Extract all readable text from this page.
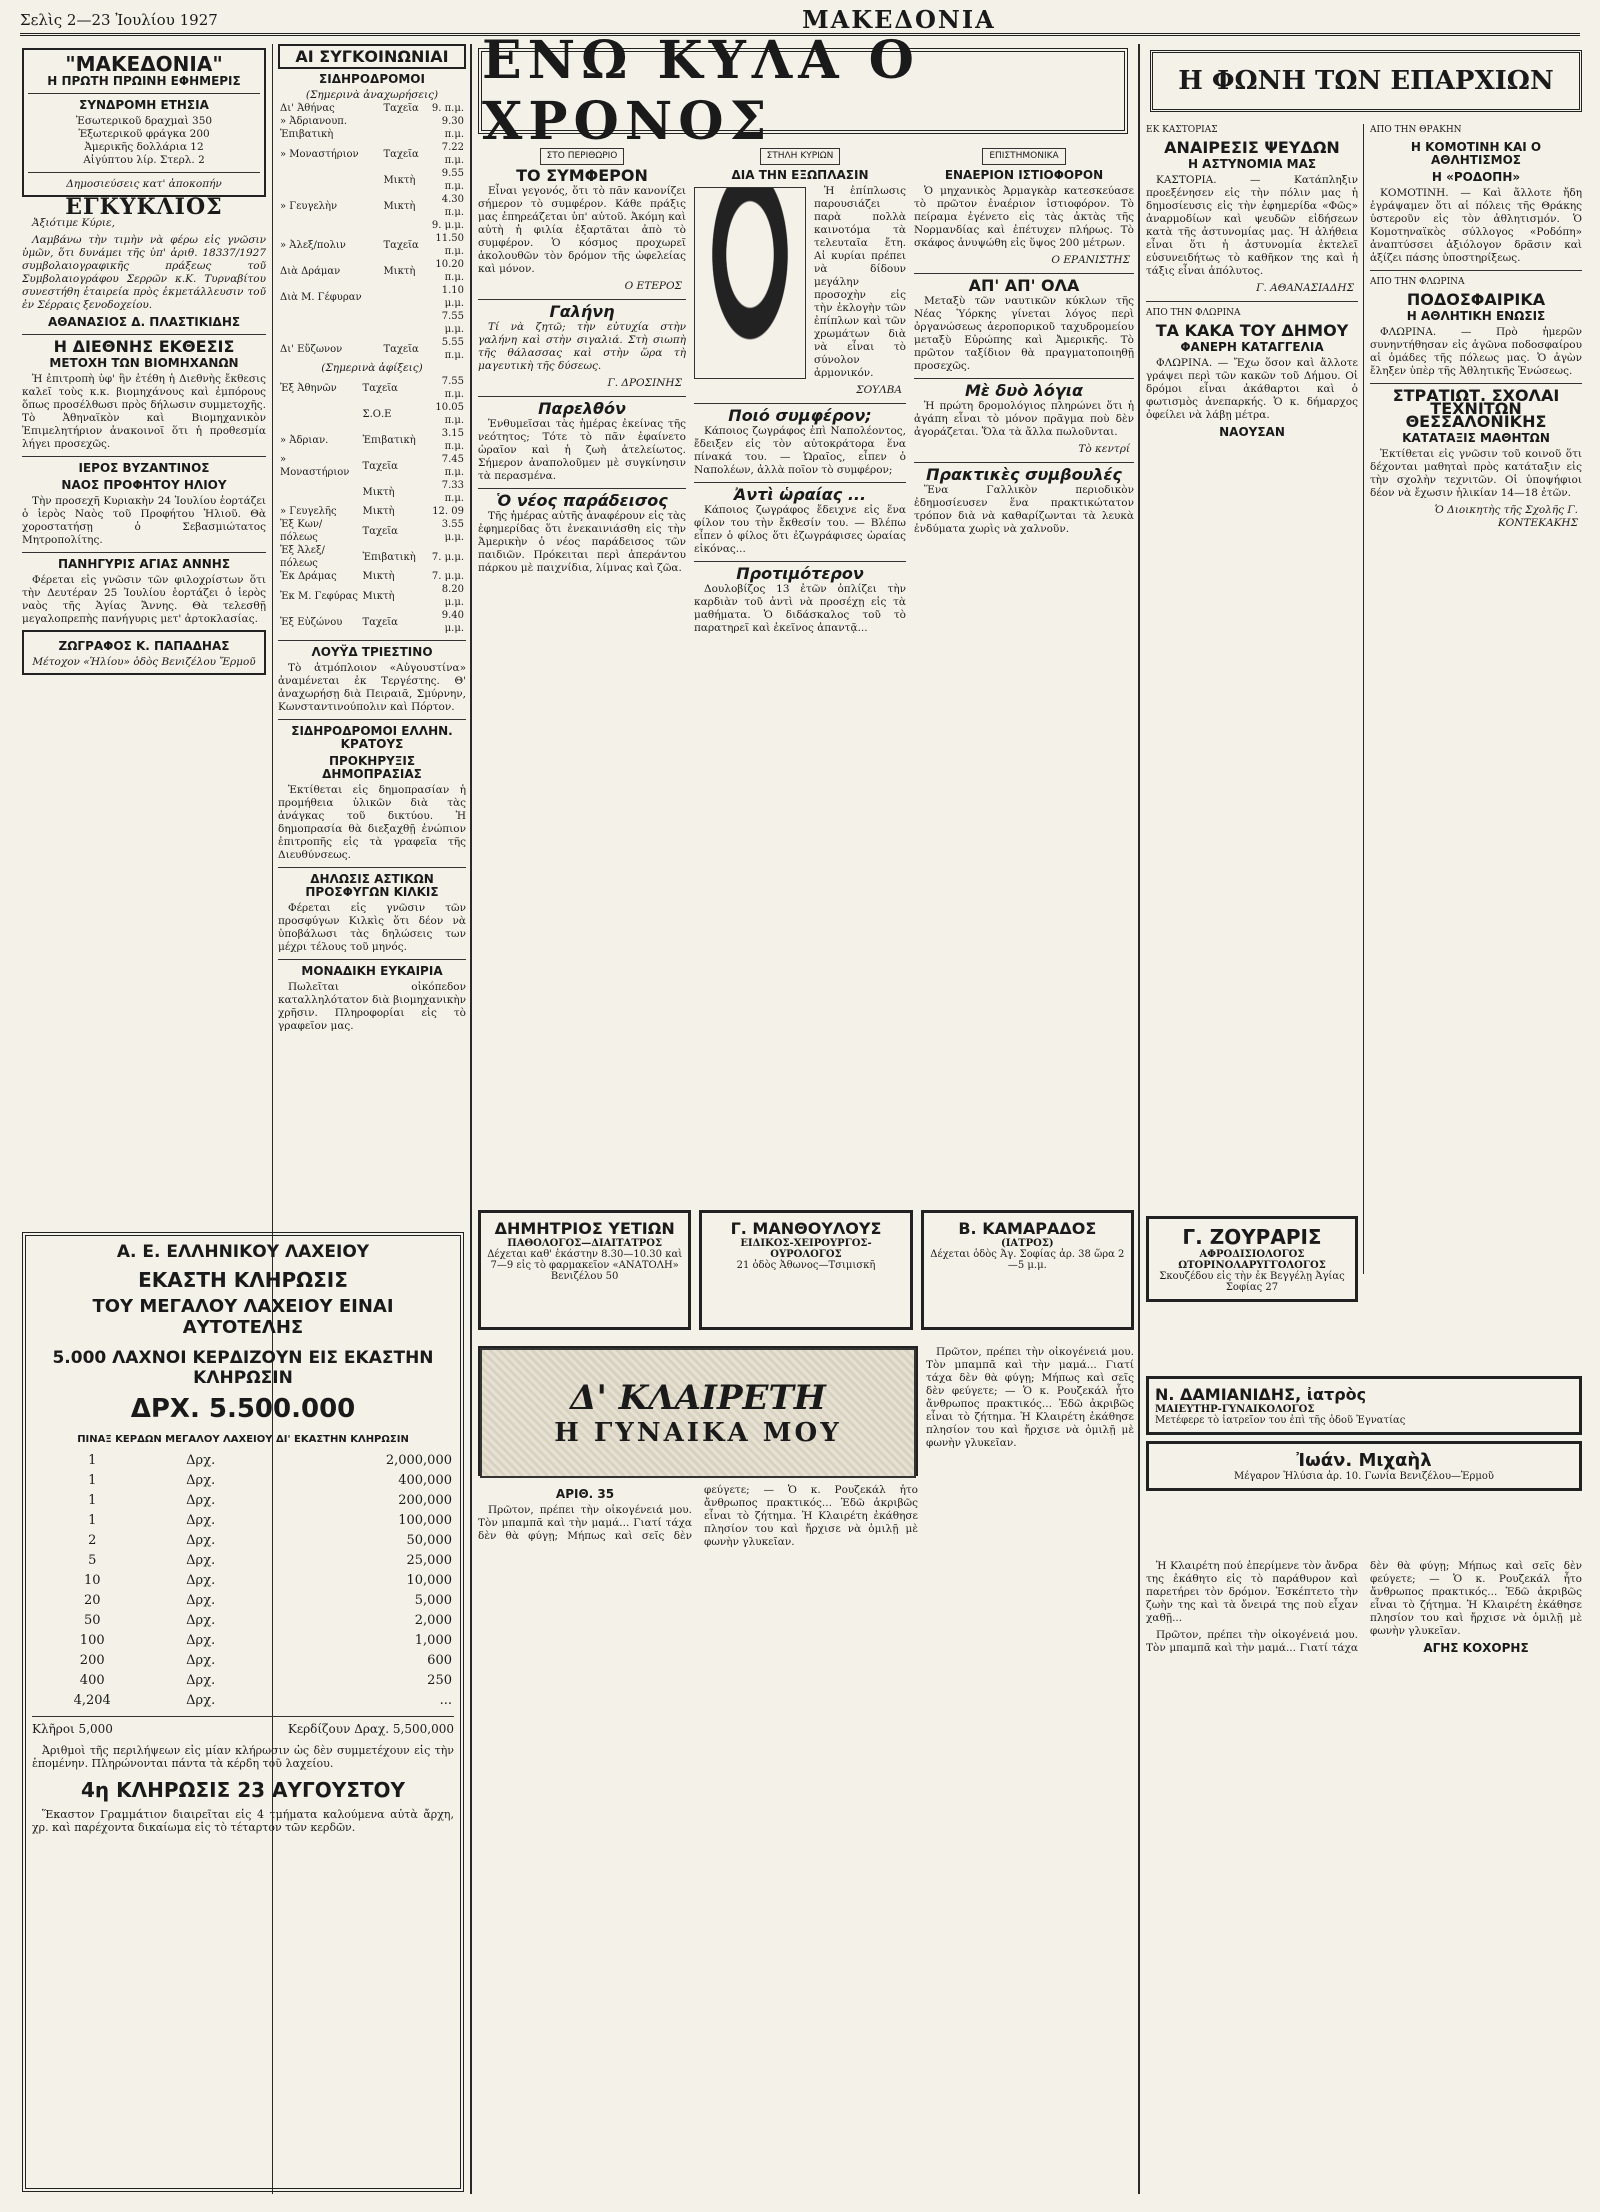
Σελὶς 2—23 Ἰουλίου 1927	ΜΑΚΕΔΟΝΙΑ
"ΜΑΚΕΔΟΝΙΑ"
Η ΠΡΩΤΗ ΠΡΩΙΝΗ ΕΦΗΜΕΡΙΣ
ΣΥΝΔΡΟΜΗ ΕΤΗΣΙΑ
Ἐσωτερικοῦ δραχμαὶ 350
Ἐξωτερικοῦ φράγκα 200
Ἀμερικῆς δολλάρια 12
Αἰγύπτου λίρ. Στερλ. 2
Δημοσιεύσεις κατ' ἀποκοπήν
ΕΓΚΥΚΛΙΟΣ

Ἀξιότιμε Κύριε,

Λαμβάνω τὴν τιμὴν νὰ φέρω εἰς γνῶσιν ὑμῶν, ὅτι δυνάμει τῆς ὑπ' ἀριθ. 18337/1927 συμβολαιογραφικῆς πράξεως τοῦ Συμβολαιογράφου Σερρῶν κ.Κ. Τυρναβίτου συνεστήθη ἑταιρεία πρὸς ἐκμετάλλευσιν τοῦ ἐν Σέρραις ξενοδοχείου.

ΑΘΑΝΑΣΙΟΣ Δ. ΠΛΑΣΤΙΚΙΔΗΣ
Η ΔΙΕΘΝΗΣ ΕΚΘΕΣΙΣ
ΜΕΤΟΧΗ ΤΩΝ ΒΙΟΜΗΧΑΝΩΝ

Ἡ ἐπιτροπὴ ὑφ' ἣν ἐτέθη ἡ Διεθνὴς ἔκθεσις καλεῖ τοὺς κ.κ. βιομηχάνους καὶ ἐμπόρους ὅπως προσέλθωσι πρὸς δήλωσιν συμμετοχῆς. Τὸ Ἀθηναϊκὸν καὶ Βιομηχανικὸν Ἐπιμελητήριον ἀνακοινοῖ ὅτι ἡ προθεσμία λήγει προσεχῶς.

ΙΕΡΟΣ ΒΥΖΑΝΤΙΝΟΣ
ΝΑΟΣ ΠΡΟΦΗΤΟΥ ΗΛΙΟΥ

Τὴν προσεχῆ Κυριακὴν 24 Ἰουλίου ἑορτάζει ὁ ἱερὸς Ναὸς τοῦ Προφήτου Ἠλιοῦ. Θὰ χοροστατήσῃ ὁ Σεβασμιώτατος Μητροπολίτης.

ΠΑΝΗΓΥΡΙΣ ΑΓΙΑΣ ΑΝΝΗΣ

Φέρεται εἰς γνῶσιν τῶν φιλοχρίστων ὅτι τὴν Δευτέραν 25 Ἰουλίου ἑορτάζει ὁ ἱερὸς ναὸς τῆς Ἁγίας Ἄννης. Θὰ τελεσθῇ μεγαλοπρεπὴς πανήγυρις μετ' ἀρτοκλασίας.

ΖΩΓΡΑΦΟΣ Κ. ΠΑΠΑΔΗΑΣ
Μέτοχον «Ἡλίου» ὁδὸς Βενιζέλου Ἔρμοῦ
ΑΙ ΣΥΓΚΟΙΝΩΝΙΑΙ
ΣΙΔΗΡΟΔΡΟΜΟΙ
(Σημερινὰ ἀναχωρήσεις)
Δι' Ἀθήνας	Ταχεῖα	9. π.μ.
» Ἀδριανουπ. Ἐπιβατικὴ		9.30 π.μ.
» Μοναστήριον	Ταχεῖα	7.22 π.μ.
	Μικτὴ	9.55 π.μ.
» Γευγελὴν	Μικτὴ	4.30 π.μ.
		9. μ.μ.
» Ἀλεξ/πολιν	Ταχεῖα	11.50 π.μ.
Διὰ Δράμαν	Μικτὴ	10.20 π.μ.
Διὰ Μ. Γέφυραν		1.10 μ.μ.
		7.55 μ.μ.
Δι' Εὔζωνον	Ταχεῖα	5.55 π.μ.
(Σημερινὰ ἀφίξεις)
Ἐξ Ἀθηνῶν	Ταχεῖα	7.55 π.μ.
	Σ.Ο.Ε	10.05 π.μ.
» Ἀδριαν.	Ἐπιβατικὴ	3.15 π.μ.
» Μοναστήριον	Ταχεῖα	7.45 π.μ.
	Μικτὴ	7.33 π.μ.
» Γευγελῆς	Μικτὴ	12. 09
Ἐξ Κων/πόλεως	Ταχεῖα	3.55 μ.μ.
Ἐξ Ἀλεξ/πόλεως	Ἐπιβατικὴ	7. μ.μ.
Ἐκ Δράμας	Μικτὴ	7. μ.μ.
Ἐκ Μ. Γεφύρας	Μικτὴ	8.20 μ.μ.
Ἐξ Εὐζώνου	Ταχεῖα	9.40 μ.μ.
ΛΟΥΫΔ ΤΡΙΕΣΤΙΝΟ

Τὸ ἀτμόπλοιον «Αὐγουστίνα» ἀναμένεται ἐκ Τεργέστης. Θ' ἀναχωρήσῃ διὰ Πειραιᾶ, Σμύρνην, Κωνσταντινούπολιν καὶ Πόρτον.

ΣΙΔΗΡΟΔΡΟΜΟΙ ΕΛΛΗΝ. ΚΡΑΤΟΥΣ
ΠΡΟΚΗΡΥΞΙΣ ΔΗΜΟΠΡΑΣΙΑΣ

Ἐκτίθεται εἰς δημοπρασίαν ἡ προμήθεια ὑλικῶν διὰ τὰς ἀνάγκας τοῦ δικτύου. Ἡ δημοπρασία θὰ διεξαχθῇ ἐνώπιον ἐπιτροπῆς εἰς τὰ γραφεῖα τῆς Διευθύνσεως.

ΔΗΛΩΣΙΣ ΑΣΤΙΚΩΝ ΠΡΟΣΦΥΓΩΝ ΚΙΛΚΙΣ

Φέρεται εἰς γνῶσιν τῶν προσφύγων Κιλκὶς ὅτι δέον νὰ ὑποβάλωσι τὰς δηλώσεις των μέχρι τέλους τοῦ μηνός.

ΜΟΝΑΔΙΚΗ ΕΥΚΑΙΡΙΑ

Πωλεῖται οἰκόπεδον καταλληλότατον διὰ βιομηχανικὴν χρῆσιν. Πληροφορίαι εἰς τὸ γραφεῖον μας.

Α. Ε. ΕΛΛΗΝΙΚΟΥ ΛΑΧΕΙΟΥ
ΕΚΑΣΤΗ ΚΛΗΡΩΣΙΣ
ΤΟΥ ΜΕΓΑΛΟΥ ΛΑΧΕΙΟΥ ΕΙΝΑΙ ΑΥΤΟΤΕΛΗΣ
5.000 ΛΑΧΝΟΙ ΚΕΡΔΙΖΟΥΝ ΕΙΣ ΕΚΑΣΤΗΝ ΚΛΗΡΩΣΙΝ
ΔΡΧ. 5.500.000
ΠΙΝΑΞ ΚΕΡΔΩΝ ΜΕΓΑΛΟΥ ΛΑΧΕΙΟΥ ΔΙ' ΕΚΑΣΤΗΝ ΚΛΗΡΩΣΙΝ
1	Δρχ.	2,000,000
1	Δρχ.	400,000
1	Δρχ.	200,000
1	Δρχ.	100,000
2	Δρχ.	50,000
5	Δρχ.	25,000
10	Δρχ.	10,000
20	Δρχ.	5,000
50	Δρχ.	2,000
100	Δρχ.	1,000
200	Δρχ.	600
400	Δρχ.	250
4,204	Δρχ.	...
Κλῆροι 5,000	Κερδίζουν Δραχ. 5,500,000

Ἀριθμοὶ τῆς περιλήψεων εἰς μίαν κλήρωσιν ὡς δὲν συμμετέχουν εἰς τὴν ἑπομένην. Πληρώνονται πάντα τὰ κέρδη τοῦ λαχείου.

4η ΚΛΗΡΩΣΙΣ 23 ΑΥΓΟΥΣΤΟΥ

Ἕκαστον Γραμμάτιον διαιρεῖται εἰς 4 τμήματα καλούμενα αὐτὰ ἄρχη, χρ. καὶ παρέχοντα δικαίωμα εἰς τὸ τέταρτον τῶν κερδῶν.

ΕΝΩ ΚΥΛΑ Ο ΧΡΟΝΟΣ
ΣΤΟ ΠΕΡΙΘΩΡΙΟ
ΤΟ ΣΥΜΦΕΡΟΝ

Εἶναι γεγονός, ὅτι τὸ πᾶν κανονίζει σήμερον τὸ συμφέρον. Κάθε πράξις μας ἐπηρεάζεται ὑπ' αὐτοῦ. Ἀκόμη καὶ αὐτὴ ἡ φιλία ἐξαρτᾶται ἀπὸ τὸ συμφέρον. Ὁ κόσμος προχωρεῖ ἀκολουθῶν τὸν δρόμον τῆς ὠφελείας καὶ μόνον.

Ο ΕΤΕΡΟΣ
Γαλήνη

Τί νὰ ζητῶ; τὴν εὐτυχία στὴν γαλήνη καὶ στὴν σιγαλιά. Στὴ σιωπὴ τῆς θάλασσας καὶ στὴν ὥρα τὴ μαγευτικὴ τῆς δύσεως.

Γ. ΔΡΟΣΙΝΗΣ
Παρελθόν

Ἐνθυμεῖσαι τὰς ἡμέρας ἐκείνας τῆς νεότητος; Τότε τὸ πᾶν ἐφαίνετο ὡραῖον καὶ ἡ ζωὴ ἀτελείωτος. Σήμερον ἀναπολοῦμεν μὲ συγκίνησιν τὰ περασμένα.

Ὁ νέος παράδεισος

Τῆς ἡμέρας αὐτῆς ἀναφέρουν εἰς τὰς ἐφημερίδας ὅτι ἐνεκαινιάσθη εἰς τὴν Ἀμερικὴν ὁ νέος παράδεισος τῶν παιδιῶν. Πρόκειται περὶ ἀπεράντου πάρκου μὲ παιχνίδια, λίμνας καὶ ζῶα.

ΣΤΗΛΗ ΚΥΡΙΩΝ
ΔΙΑ ΤΗΝ ΕΞΩΠΛΑΣΙΝ

Ἡ ἐπίπλωσις παρουσιάζει παρὰ πολλὰ καινοτόμα τὰ τελευταῖα ἔτη. Αἱ κυρίαι πρέπει νὰ δίδουν μεγάλην προσοχὴν εἰς τὴν ἐκλογὴν τῶν ἐπίπλων καὶ τῶν χρωμάτων διὰ νὰ εἶναι τὸ σύνολον ἁρμονικόν.

ΣΟΥΛΒΑ
Ποιό συμφέρον;

Κάποιος ζωγράφος ἐπὶ Ναπολέοντος, ἔδειξεν εἰς τὸν αὐτοκράτορα ἕνα πίνακά του. — Ὡραῖος, εἶπεν ὁ Ναπολέων, ἀλλὰ ποῖον τὸ συμφέρον;

Ἀντὶ ὡραίας ...

Κάποιος ζωγράφος ἔδειχνε εἰς ἕνα φίλον του τὴν ἔκθεσίν του. — Βλέπω εἶπεν ὁ φίλος ὅτι ἐζωγράφισες ὡραίας εἰκόνας...

Προτιμότερον

Δουλοβίζος 13 ἐτῶν ὁπλίζει τὴν καρδιὰν τοῦ ἀντὶ νὰ προσέχῃ εἰς τὰ μαθήματα. Ὁ διδάσκαλος τοῦ τὸ παρατηρεῖ καὶ ἐκεῖνος ἀπαντᾷ...

ΕΠΙΣΤΗΜΟΝΙΚΑ
ΕΝΑΕΡΙΟΝ ΙΣΤΙΟΦΟΡΟΝ

Ὁ μηχανικὸς Ἀρμαγκὰρ κατεσκεύασε τὸ πρῶτον ἐναέριον ἱστιοφόρον. Τὸ πείραμα ἐγένετο εἰς τὰς ἀκτὰς τῆς Νορμανδίας καὶ ἐπέτυχεν πλήρως. Τὸ σκάφος ἀνυψώθη εἰς ὕψος 200 μέτρων.

Ο ΕΡΑΝΙΣΤΗΣ
ΑΠ' ΑΠ' ΟΛΑ

Μεταξὺ τῶν ναυτικῶν κύκλων τῆς Νέας Ὑόρκης γίνεται λόγος περὶ ὀργανώσεως ἀεροπορικοῦ ταχυδρομείου μεταξὺ Εὐρώπης καὶ Ἀμερικῆς. Τὸ πρῶτον ταξίδιον θὰ πραγματοποιηθῇ προσεχῶς.

Μὲ δυὸ λόγια

Ἡ πρώτη δρομολόγιος πληρώνει ὅτι ἡ ἀγάπη εἶναι τὸ μόνον πρᾶγμα ποὺ δὲν ἀγοράζεται. Ὅλα τὰ ἄλλα πωλοῦνται.

Τὸ κεντρί
Πρακτικὲς συμβουλές

Ἕνα Γαλλικὸν περιοδικὸν ἐδημοσίευσεν ἕνα πρακτικώτατον τρόπον διὰ νὰ καθαρίζωνται τὰ λευκὰ ἐνδύματα χωρὶς νὰ χαλνοῦν.

ΔΗΜΗΤΡΙΟΣ ΥΕΤΙΩΝ
ΠΑΘΟΛΟΓΟΣ—ΔΙΑΙΤΑΤΡΟΣ
Δέχεται καθ' ἑκάστην 8.30—10.30 καὶ 7—9 εἰς τὸ φαρμακεῖον «ΑΝΑΤΟΛΗ» Βενιζέλου 50
Γ. ΜΑΝΘΟΥΛΟΥΣ
ΕΙΔΙΚΟΣ-ΧΕΙΡΟΥΡΓΟΣ-ΟΥΡΟΛΟΓΟΣ
21 ὁδὸς Ἀθωνος—Τσιμισκῆ
Β. ΚΑΜΑΡΑΔΟΣ
(ΙΑΤΡΟΣ)
Δέχεται ὁδὸς Ἀγ. Σοφίας ἀρ. 38 ὥρα 2—5 μ.μ.
Δ' ΚΛΑΙΡΕΤΗ
Η ΓΥΝΑΙΚΑ ΜΟΥ
ΑΡΙΘ. 35

Πρῶτον, πρέπει τὴν οἰκογένειά μου. Τὸν μπαμπᾶ καὶ τὴν μαμά... Γιατί τάχα δὲν θὰ φύγῃ; Μήπως καὶ σεῖς δὲν φεύγετε; — Ὁ κ. Ρουζεκάλ ἦτο ἄνθρωπος πρακτικός... Ἐδῶ ἀκριβῶς εἶναι τὸ ζήτημα. Ἡ Κλαιρέτη ἐκάθησε πλησίον του καὶ ἤρχισε νὰ ὁμιλῇ μὲ φωνὴν γλυκεῖαν.

Πρῶτον, πρέπει τὴν οἰκογένειά μου. Τὸν μπαμπᾶ καὶ τὴν μαμά... Γιατί τάχα δὲν θὰ φύγῃ; Μήπως καὶ σεῖς δὲν φεύγετε; — Ὁ κ. Ρουζεκάλ ἦτο ἄνθρωπος πρακτικός... Ἐδῶ ἀκριβῶς εἶναι τὸ ζήτημα. Ἡ Κλαιρέτη ἐκάθησε πλησίον του καὶ ἤρχισε νὰ ὁμιλῇ μὲ φωνὴν γλυκεῖαν.

Η ΦΩΝΗ ΤΩΝ ΕΠΑΡΧΙΩΝ
ΕΚ ΚΑΣΤΟΡΙΑΣ
ΑΝΑΙΡΕΣΙΣ ΨΕΥΔΩΝ
Η ΑΣΤΥΝΟΜΙΑ ΜΑΣ

ΚΑΣΤΟΡΙΑ. — Κατάπληξιν προεξένησεν εἰς τὴν πόλιν μας ἡ δημοσίευσις εἰς τὴν ἐφημερίδα «Φῶς» ἀναρμοδίων καὶ ψευδῶν εἰδήσεων κατὰ τῆς ἀστυνομίας μας. Ἡ ἀλήθεια εἶναι ὅτι ἡ ἀστυνομία ἐκτελεῖ εὐσυνειδήτως τὸ καθῆκον της καὶ ἡ τάξις εἶναι ἀπόλυτος.

Γ. ΑΘΑΝΑΣΙΑΔΗΣ
ΑΠΟ ΤΗΝ ΦΛΩΡΙΝΑ
ΤΑ ΚΑΚΑ ΤΟΥ ΔΗΜΟΥ
ΦΑΝΕΡΗ ΚΑΤΑΓΓΕΛΙΑ

ΦΛΩΡΙΝΑ. — Ἔχω ὅσον καὶ ἄλλοτε γράψει περὶ τῶν κακῶν τοῦ Δήμου. Οἱ δρόμοι εἶναι ἀκάθαρτοι καὶ ὁ φωτισμὸς ἀνεπαρκής. Ὁ κ. δήμαρχος ὀφείλει νὰ λάβῃ μέτρα.

ΝΑΟΥΣΑΝ
ΑΠΟ ΤΗΝ ΘΡΑΚΗΝ
Η ΚΟΜΟΤΙΝΗ ΚΑΙ Ο ΑΘΛΗΤΙΣΜΟΣ
Η «ΡΟΔΟΠΗ»

ΚΟΜΟΤΙΝΗ. — Καὶ ἄλλοτε ἤδη ἐγράψαμεν ὅτι αἱ πόλεις τῆς Θράκης ὑστεροῦν εἰς τὸν ἀθλητισμόν. Ὁ Κομοτηναϊκὸς σύλλογος «Ροδόπη» ἀναπτύσσει ἀξιόλογον δρᾶσιν καὶ ἀξίζει πάσης ὑποστηρίξεως.

ΑΠΟ ΤΗΝ ΦΛΩΡΙΝΑ
ΠΟΔΟΣΦΑΙΡΙΚΑ
Η ΑΘΛΗΤΙΚΗ ΕΝΩΣΙΣ

ΦΛΩΡΙΝΑ. — Πρὸ ἡμερῶν συνηντήθησαν εἰς ἀγῶνα ποδοσφαίρου αἱ ὁμάδες τῆς πόλεως μας. Ὁ ἀγὼν ἔληξεν ὑπὲρ τῆς Ἀθλητικῆς Ἑνώσεως.

ΣΤΡΑΤΙΩΤ. ΣΧΟΛΑΙ ΤΕΧΝΙΤΩΝ ΘΕΣΣΑΛΟΝΙΚΗΣ
ΚΑΤΑΤΑΞΙΣ ΜΑΘΗΤΩΝ

Ἐκτίθεται εἰς γνῶσιν τοῦ κοινοῦ ὅτι δέχονται μαθηταὶ πρὸς κατάταξιν εἰς τὴν σχολὴν τεχνιτῶν. Οἱ ὑποψήφιοι δέον νὰ ἔχωσιν ἡλικίαν 14—18 ἐτῶν.

Ὁ Διοικητὴς τῆς Σχολῆς Γ. ΚΟΝΤΕΚΑΚΗΣ
Γ. ΖΟΥΡΑΡΙΣ
ΑΦΡΟΔΙΣΙΟΛΟΓΟΣ ΩΤΟΡΙΝΟΛΑΡΥΓΓΟΛΟΓΟΣ
Σκουζέδου εἰς τὴν ἐκ Βεγγέλῃ Ἀγίας Σοφίας 27
Ν. ΔΑΜΙΑΝΙΔΗΣ, ἰατρὸς
ΜΑΙΕΥΤΗΡ-ΓΥΝΑΙΚΟΛΟΓΟΣ
Μετέφερε τὸ ἰατρεῖον του ἐπὶ τῆς ὁδοῦ Ἐγνατίας
Ἰωάν. Μιχαὴλ
Μέγαρον Ἡλύσια ἀρ. 10. Γωνία Βενιζέλου—Ἑρμοῦ

Ἡ Κλαιρέτη πού ἐπερίμενε τὸν ἄνδρα της ἐκάθητο εἰς τὸ παράθυρον καὶ παρετήρει τὸν δρόμον. Ἐσκέπτετο τὴν ζωὴν της καὶ τὰ ὄνειρά της ποὺ εἶχαν χαθῇ...

Πρῶτον, πρέπει τὴν οἰκογένειά μου. Τὸν μπαμπᾶ καὶ τὴν μαμά... Γιατί τάχα δὲν θὰ φύγῃ; Μήπως καὶ σεῖς δὲν φεύγετε; — Ὁ κ. Ρουζεκάλ ἦτο ἄνθρωπος πρακτικός... Ἐδῶ ἀκριβῶς εἶναι τὸ ζήτημα. Ἡ Κλαιρέτη ἐκάθησε πλησίον του καὶ ἤρχισε νὰ ὁμιλῇ μὲ φωνὴν γλυκεῖαν.

ΑΓΗΣ ΚΟΧΟΡΗΣ
